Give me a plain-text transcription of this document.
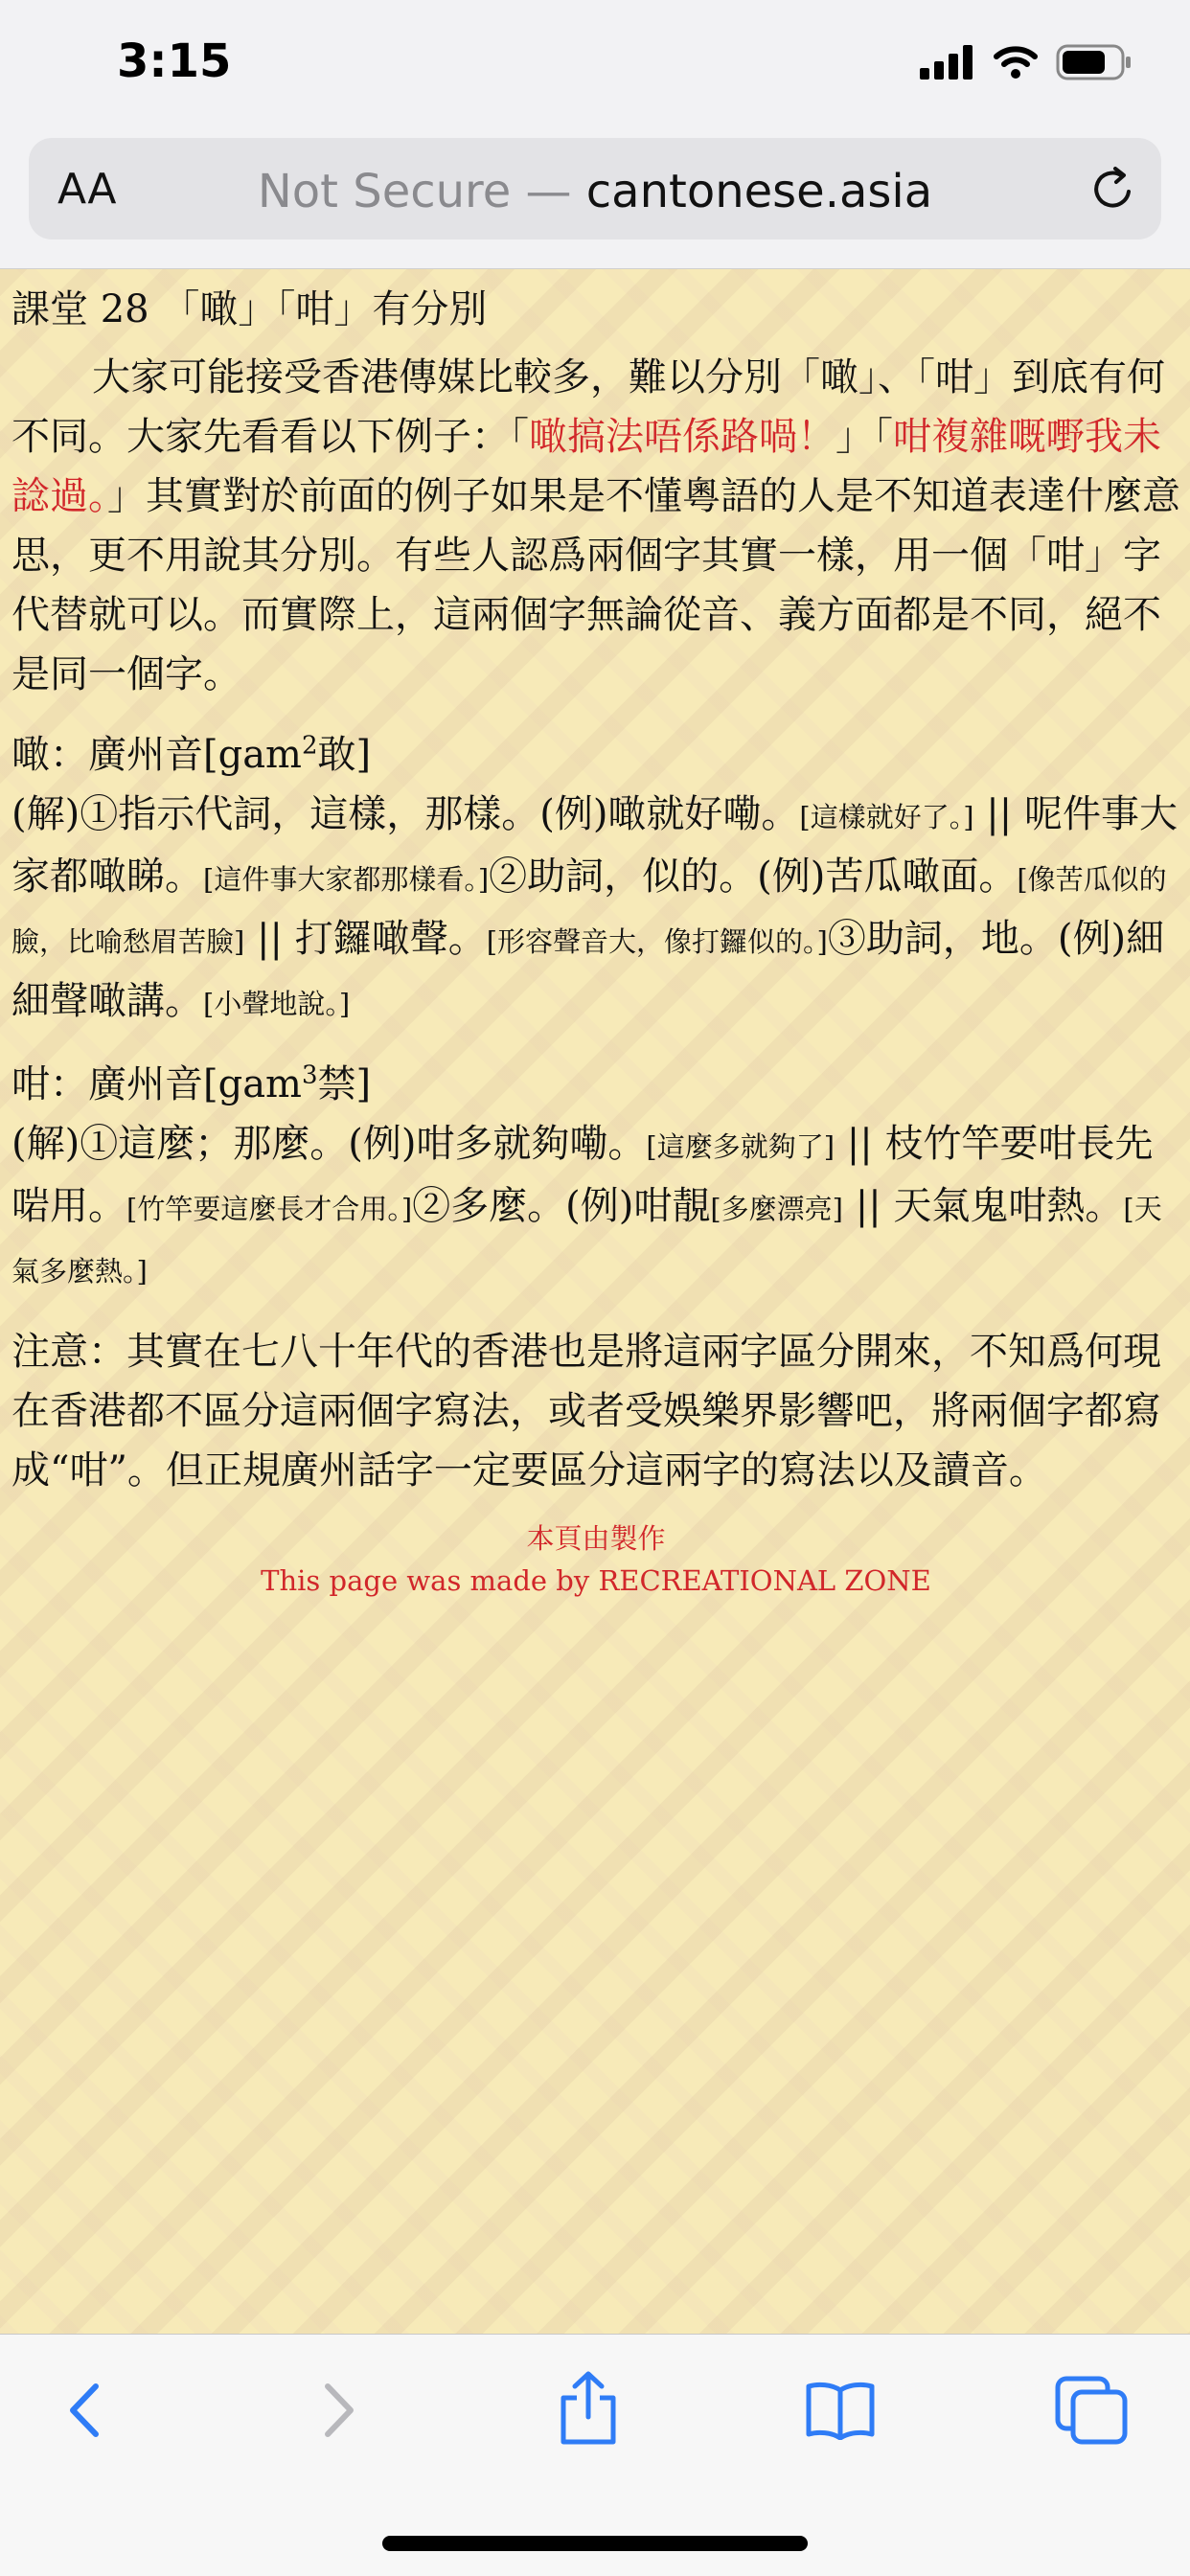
3:15
AA	Not Secure — cantonese.asia

課堂 28 「噉」「咁」有分別

大家可能接受香港傳媒比較多，難以分別「噉」、「咁」到底有何不同。大家先看看以下例子：「噉搞法唔係路喎！」「咁複雜嘅嘢我未諗過。」其實對於前面的例子如果是不懂粵語的人是不知道表達什麼意思，更不用說其分別。有些人認爲兩個字其實一樣，用一個「咁」字代替就可以。而實際上，這兩個字無論從音、義方面都是不同，絕不是同一個字。

噉：廣州音[gam$^2$敢]

(解)①指示代詞，這樣，那樣。(例)噉就好嘞。[這樣就好了。] || 呢件事大家都噉睇。[這件事大家都那樣看。]②助詞，似的。(例)苦瓜噉面。[像苦瓜似的臉，比喻愁眉苦臉] || 打鑼噉聲。[形容聲音大，像打鑼似的。]③助詞，地。(例)細細聲噉講。[小聲地說。]

咁：廣州音[gam$^3$禁]

(解)①這麼；那麼。(例)咁多就夠嘞。[這麼多就夠了] || 枝竹竿要咁長先啱用。[竹竿要這麼長才合用。]②多麼。(例)咁靚[多麼漂亮] || 天氣鬼咁熱。[天氣多麼熱。]

注意：其實在七八十年代的香港也是將這兩字區分開來，不知爲何現在香港都不區分這兩個字寫法，或者受娛樂界影響吧，將兩個字都寫成“咁”。但正規廣州話字一定要區分這兩字的寫法以及讀音。

本頁由製作
This page was made by RECREATIONAL ZONE
